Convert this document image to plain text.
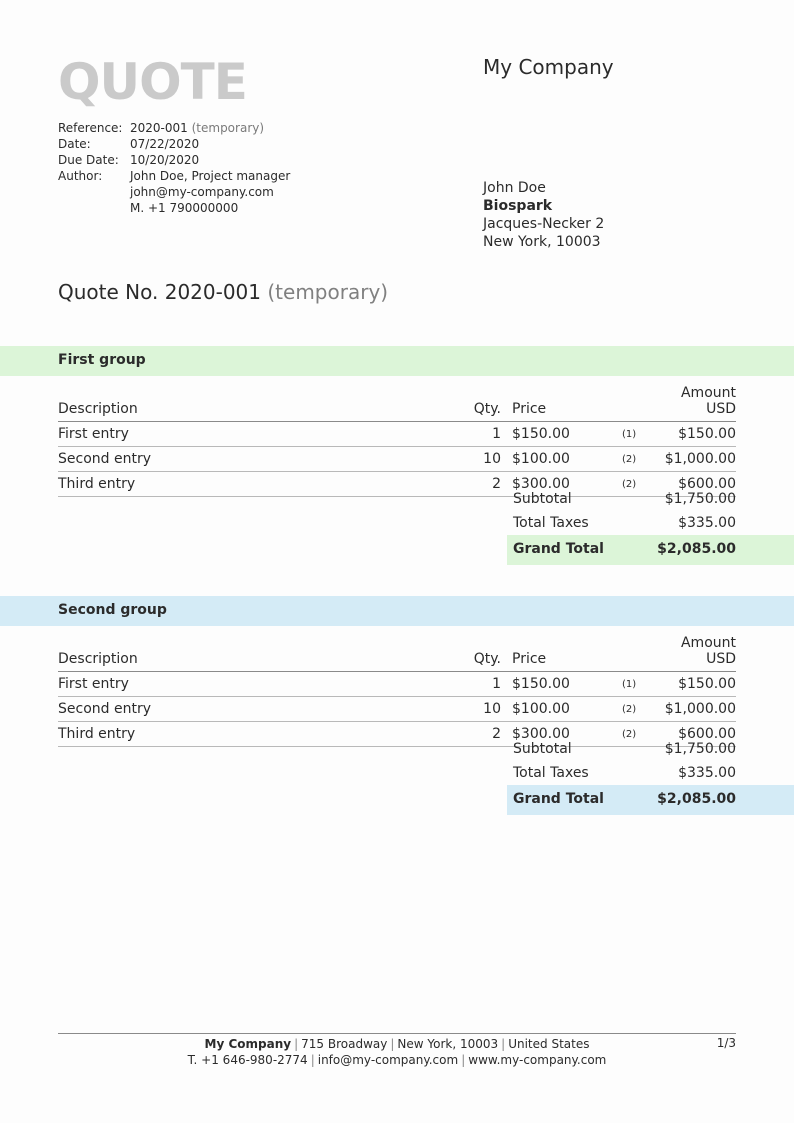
QUOTE	My Company
Reference: 2020-001 (temporary)
Date:	07/22/2020
Due Date: 10/20/2020
Author:	John Doe, Project manager
john@my-company.com
M. +1 790000000
John Doe
Biospark
Jacques-Necker 2
New York, 10003
Quote No. 2020-001 (temporary)
First group
Description	Qty.		Price		Amount USD
First entry	1		$150.00	(1)	$150.00
Second entry	10		$100.00	(2)	$1,000.00
Third entry	2		$300.00	(2)	$600.00
Subtotal	$1,750.00
Total Taxes	$335.00
Grand Total	$2,085.00
Second group
Description	Qty.		Price		Amount USD
First entry	1		$150.00	(1)	$150.00
Second entry	10		$100.00	(2)	$1,000.00
Third entry	2		$300.00	(2)	$600.00
Subtotal	$1,750.00
Total Taxes	$335.00
Grand Total	$2,085.00
My Company | 715 Broadway | New York, 10003 | United States
T. +1 646-980-2774 | info@my-company.com | www.my-company.com
1/3
